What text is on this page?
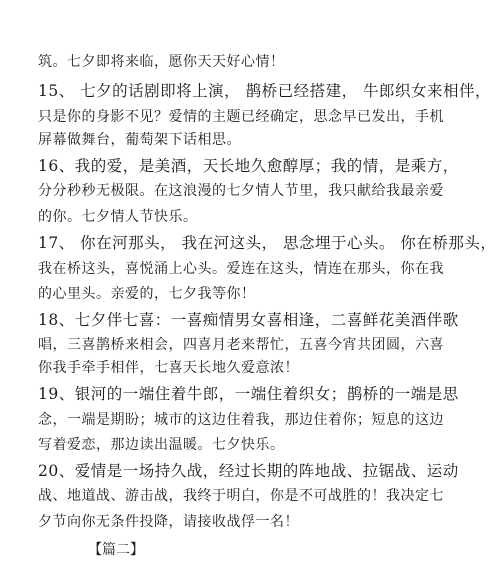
筑。七夕即将来临，愿你天天好心情！
15、 七夕的话剧即将上演， 鹊桥已经搭建， 牛郎织女来相伴，
只是你的身影不见？爱情的主题已经确定，思念早已发出，手机
屏幕做舞台，葡萄架下话相思。
16、我的爱，是美酒，天长地久愈醇厚；我的情，是乘方，
分分秒秒无极限。在这浪漫的七夕情人节里，我只献给我最亲爱
的你。七夕情人节快乐。
17、 你在河那头， 我在河这头， 思念埋于心头。 你在桥那头，
我在桥这头，喜悦涌上心头。爱连在这头，情连在那头，你在我
的心里头。亲爱的，七夕我等你！
18、七夕伴七喜：一喜痴情男女喜相逢，二喜鲜花美酒伴歌
唱，三喜鹊桥来相会，四喜月老来帮忙，五喜今宵共团圆，六喜
你我手牵手相伴，七喜天长地久爱意浓！
19、银河的一端住着牛郎，一端住着织女；鹊桥的一端是思
念，一端是期盼；城市的这边住着我，那边住着你；短息的这边
写着爱恋，那边读出温暖。七夕快乐。
20、爱情是一场持久战，经过长期的阵地战、拉锯战、运动
战、地道战、游击战，我终于明白，你是不可战胜的！我决定七
夕节向你无条件投降，请接收战俘一名！
【篇二】
